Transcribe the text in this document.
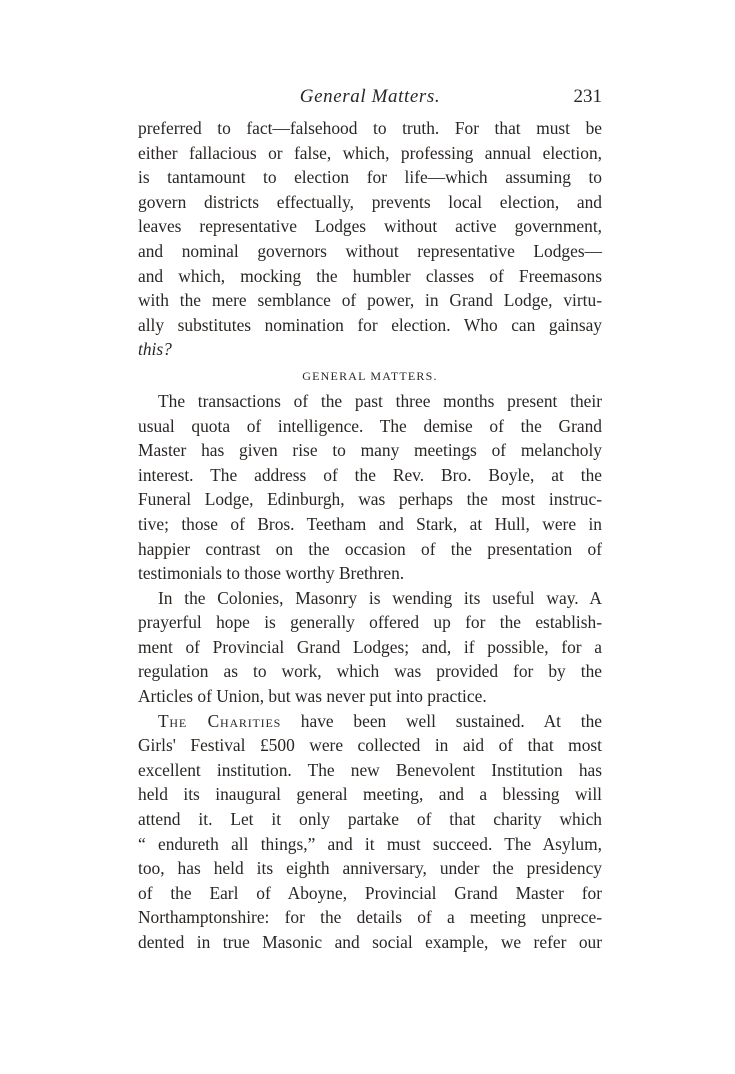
General Matters.	231

preferred to fact—falsehood to truth. For that must be
either fallacious or false, which, professing annual election,
is tantamount to election for life—which assuming to
govern districts effectually, prevents local election, and
leaves representative Lodges without active government,
and nominal governors without representative Lodges—
and which, mocking the humbler classes of Freemasons
with the mere semblance of power, in Grand Lodge, virtu-
ally substitutes nomination for election. Who can gainsay
this?

GENERAL MATTERS.

The transactions of the past three months present their
usual quota of intelligence. The demise of the Grand
Master has given rise to many meetings of melancholy
interest. The address of the Rev. Bro. Boyle, at the
Funeral Lodge, Edinburgh, was perhaps the most instruc-
tive; those of Bros. Teetham and Stark, at Hull, were in
happier contrast on the occasion of the presentation of
testimonials to those worthy Brethren.

In the Colonies, Masonry is wending its useful way. A
prayerful hope is generally offered up for the establish-
ment of Provincial Grand Lodges; and, if possible, for a
regulation as to work, which was provided for by the
Articles of Union, but was never put into practice.

The Charities have been well sustained. At the
Girls' Festival £500 were collected in aid of that most
excellent institution. The new Benevolent Institution has
held its inaugural general meeting, and a blessing will
attend it. Let it only partake of that charity which
“ endureth all things,” and it must succeed. The Asylum,
too, has held its eighth anniversary, under the presidency
of the Earl of Aboyne, Provincial Grand Master for
Northamptonshire: for the details of a meeting unprece-
dented in true Masonic and social example, we refer our
